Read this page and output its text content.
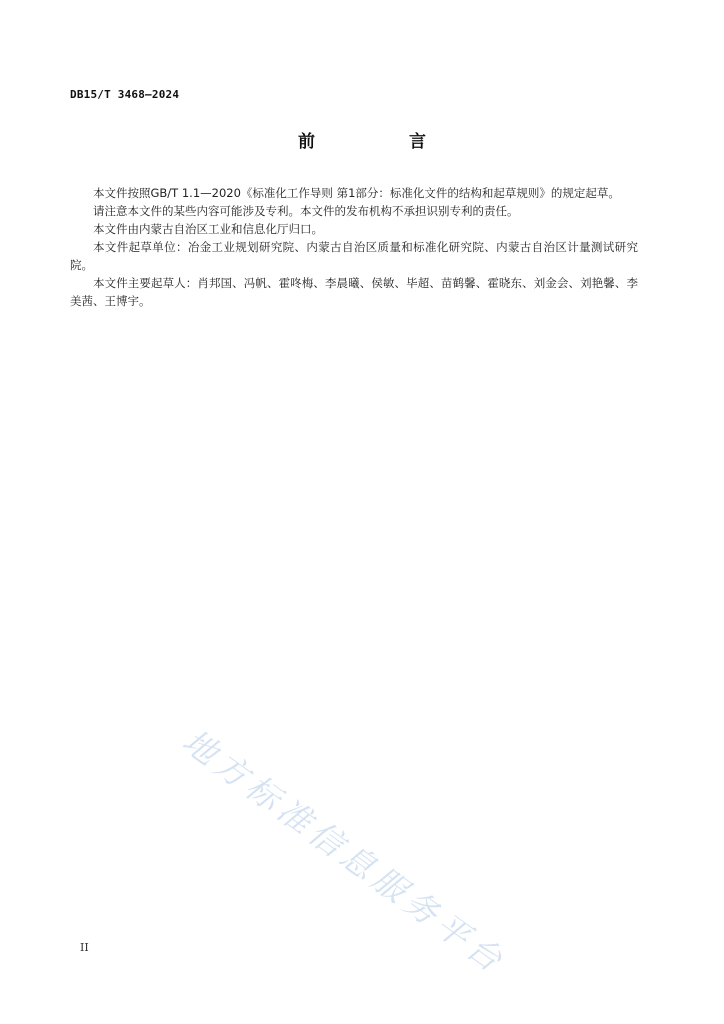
DB15/T 3468—2024
前 言

本文件按照GB/T 1.1—2020《标准化工作导则 第1部分：标准化文件的结构和起草规则》的规定起草。

请注意本文件的某些内容可能涉及专利。本文件的发布机构不承担识别专利的责任。

本文件由内蒙古自治区工业和信息化厅归口。

本文件起草单位：冶金工业规划研究院、内蒙古自治区质量和标准化研究院、内蒙古自治区计量测试研究院。

本文件主要起草人：肖邦国、冯帆、霍咚梅、李晨曦、侯敏、毕超、苗鹤馨、霍晓东、刘金会、刘艳馨、李美茜、王博宇。

地方标准信息服务平台
II
